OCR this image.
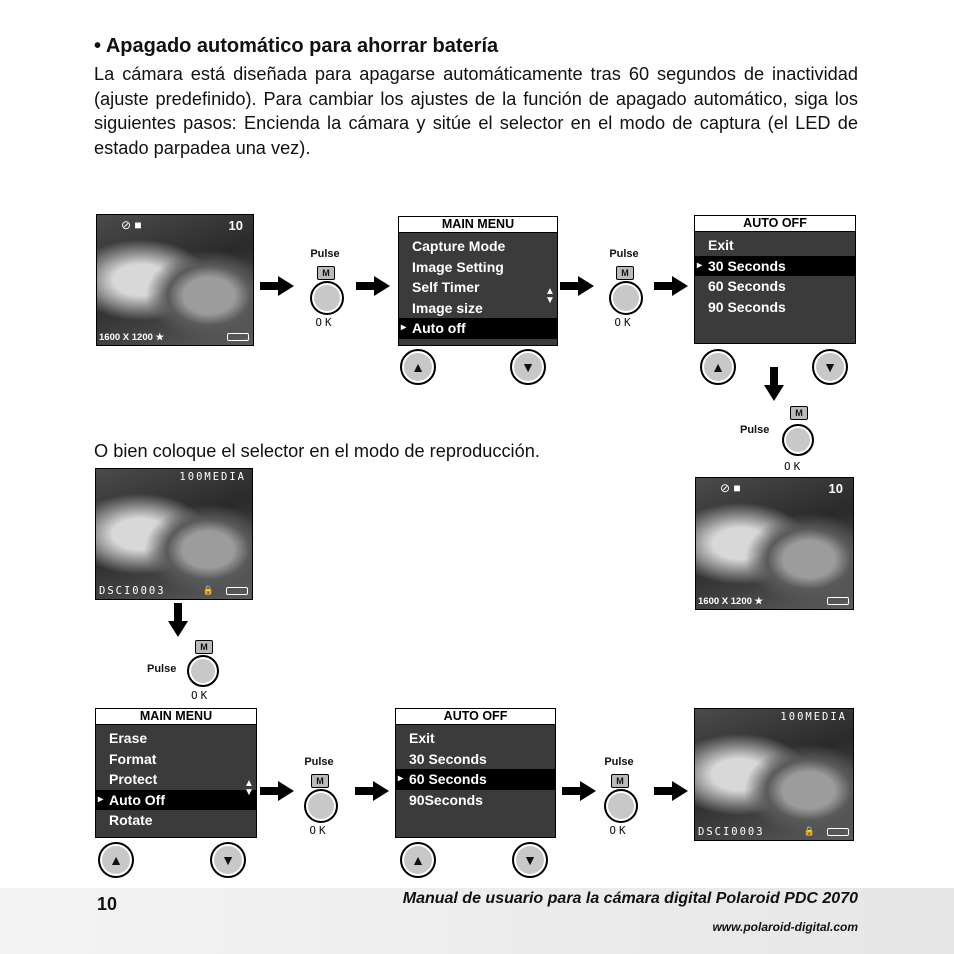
• Apagado automático para ahorrar batería
La cámara está diseñada para apagarse automáticamente tras 60 segundos de inactividad (ajuste predefinido). Para cambiar los ajustes de la función de apagado automático, siga los siguientes pasos: Encienda la cámara y sitúe el selector en el modo de captura (el LED de estado parpadea una vez).
⊘ ■	10
1600 X 1200 ★
Pulse
M
OK
MAIN MENU
Capture Mode
Image Setting
Self Timer
Image size
▸ Auto off
▲▼
Pulse
M
OK
AUTO OFF
Exit
▸ 30 Seconds
60 Seconds
90 Seconds
▲	▼	▲	▼
Pulse
M
OK
O bien coloque el selector en el modo de reproducción.
⊘ ■	10
1600 X 1200 ★
100MEDIA
DSCI0003	🔒
Pulse
M
OK
MAIN MENU
Erase
Format
Protect
▸ Auto Off
Rotate
▲▼
Pulse
M
OK
AUTO OFF
Exit
30 Seconds
▸ 60 Seconds
90Seconds
Pulse
M
OK
100MEDIA
DSCI0003	🔒
▲	▼	▲	▼
10	Manual de usuario para la cámara digital Polaroid PDC 2070
www.polaroid-digital.com
